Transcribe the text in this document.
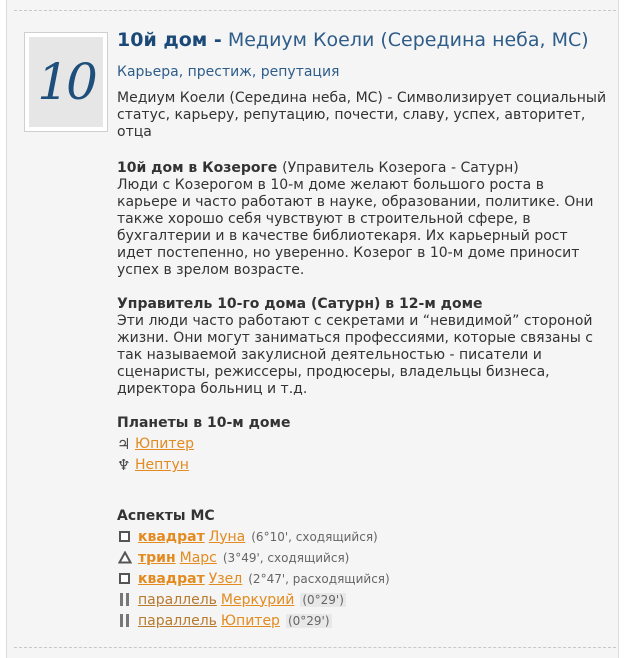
10
10й дом - Медиум Коели (Середина неба, МС)
Карьера, престиж, репутация

Медиум Коели (Середина неба, МС) - Символизирует социальный статус, карьеру, репутацию, почести, славу, успех, авторитет, отца

10й дом в Козероге (Управитель Козерога - Сатурн)

Люди с Козерогом в 10-м доме желают большого роста в карьере и часто работают в науке, образовании, политике. Они также хорошо себя чувствуют в строительной сфере, в бухгалтерии и в качестве библиотекаря. Их карьерный рост идет постепенно, но уверенно. Козерог в 10-м доме приносит успех в зрелом возрасте.

Управитель 10-го дома (Сатурн) в 12-м доме

Эти люди часто работают с секретами и “невидимой” стороной жизни. Они могут заниматься профессиями, которые связаны с так называемой закулисной деятельностью - писатели и сценаристы, режиссеры, продюсеры, владельцы бизнеса, директора больниц и т.д.

Планеты в 10-м доме
♃ Юпитер
♆ Нептун
Аспекты МС
квадрат Луна (6°10', сходящийся)
трин Марс (3°49', сходящийся)
квадрат Узел (2°47', расходящийся)
параллель Меркурий (0°29')
параллель Юпитер (0°29')
